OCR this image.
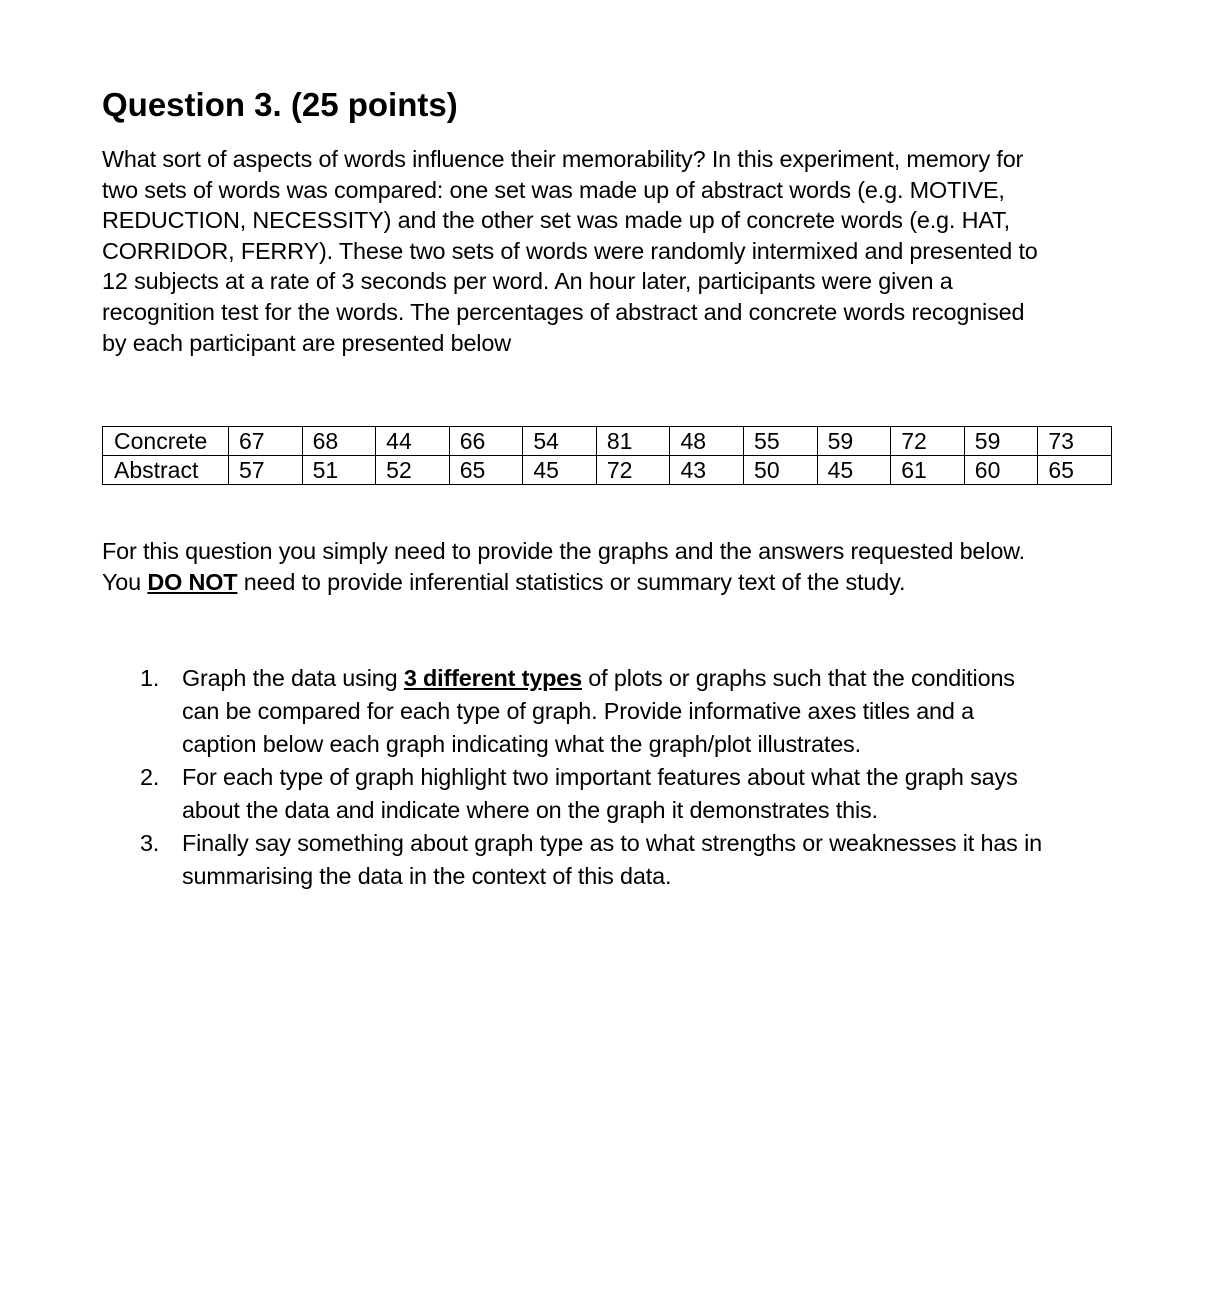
Question 3. (25 points)

What sort of aspects of words influence their memorability? In this experiment, memory for
two sets of words was compared: one set was made up of abstract words (e.g. MOTIVE,
REDUCTION, NECESSITY) and the other set was made up of concrete words (e.g. HAT,
CORRIDOR, FERRY). These two sets of words were randomly intermixed and presented to
12 subjects at a rate of 3 seconds per word. An hour later, participants were given a
recognition test for the words. The percentages of abstract and concrete words recognised
by each participant are presented below

Concrete	67	68	44	66	54	81	48	55	59	72	59	73
Abstract	57	51	52	65	45	72	43	50	45	61	60	65
For this question you simply need to provide the graphs and the answers requested below.
You DO NOT need to provide inferential statistics or summary text of the study.
1. Graph the data using 3 different types of plots or graphs such that the conditions
can be compared for each type of graph. Provide informative axes titles and a
caption below each graph indicating what the graph/plot illustrates.
2. For each type of graph highlight two important features about what the graph says
about the data and indicate where on the graph it demonstrates this.
3. Finally say something about graph type as to what strengths or weaknesses it has in
summarising the data in the context of this data.
